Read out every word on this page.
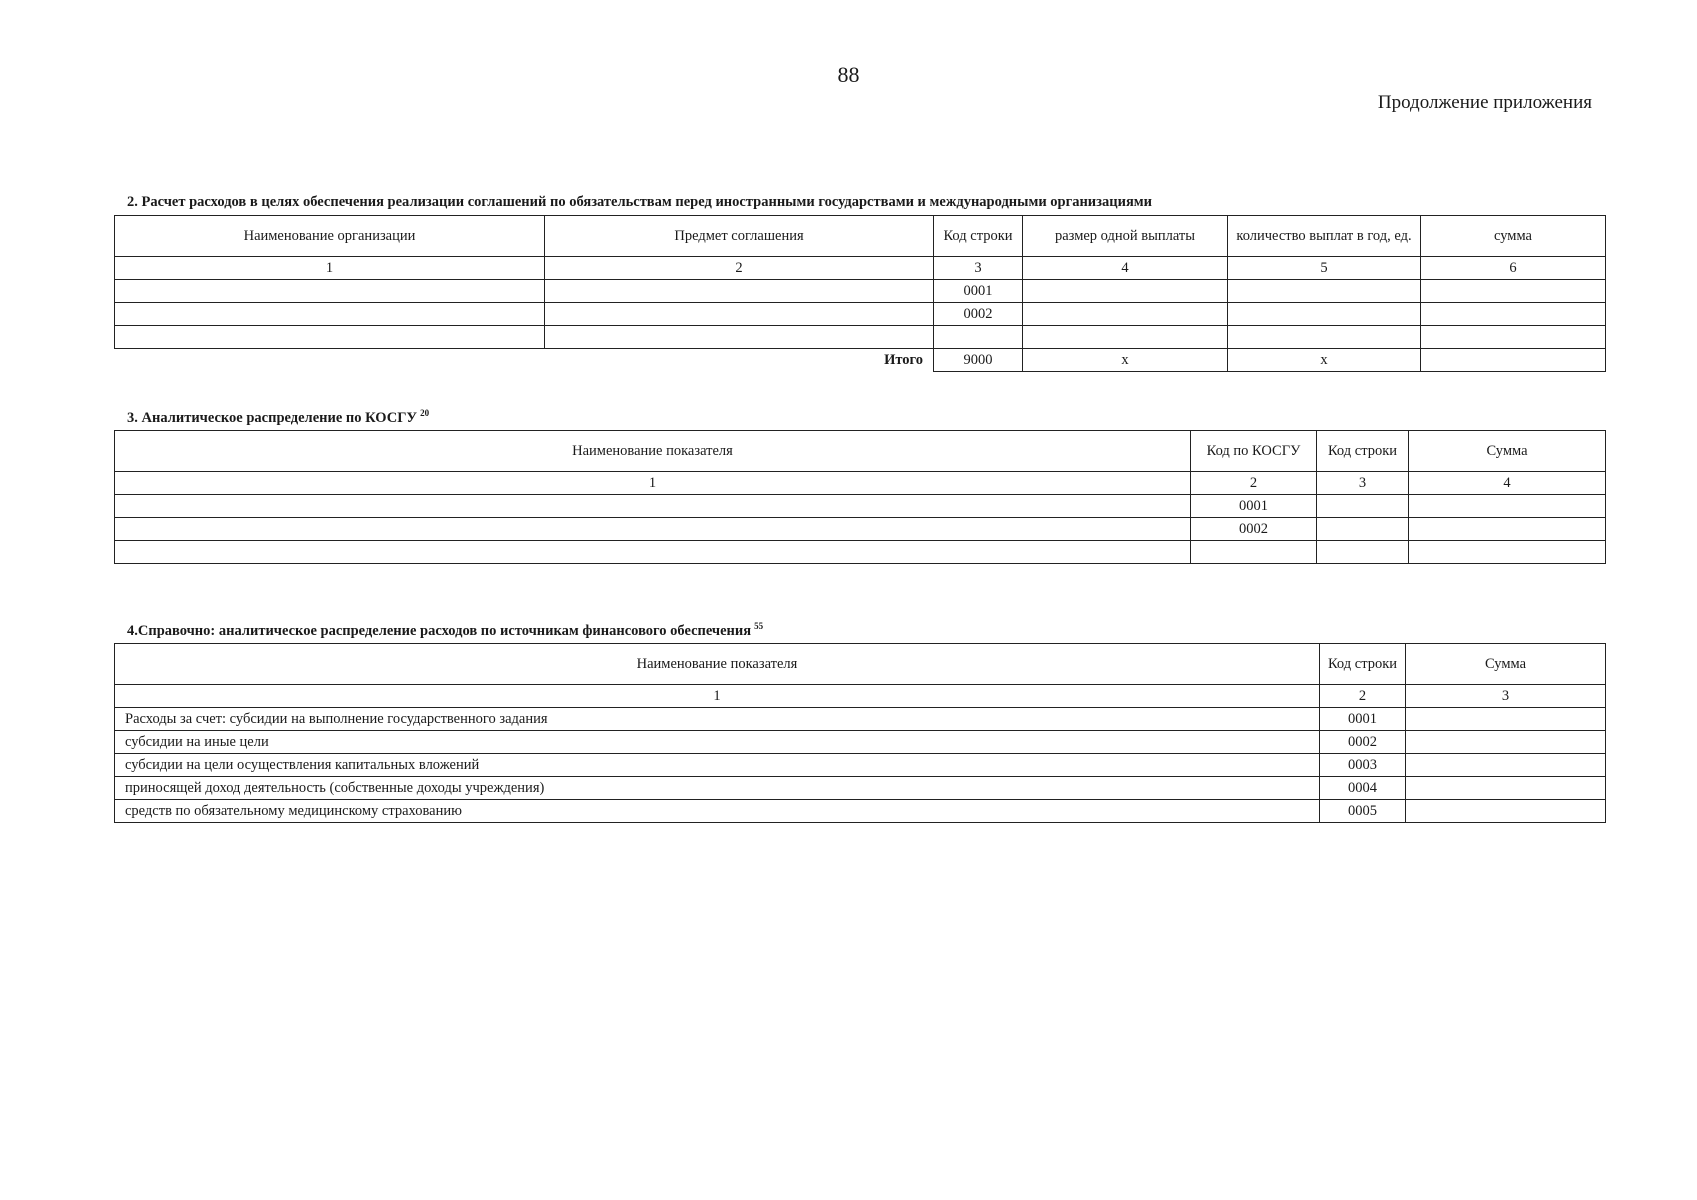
88
Продолжение приложения
2. Расчет расходов в целях обеспечения реализации соглашений по обязательствам перед иностранными государствами и международными организациями
Наименование организации	Предмет соглашения	Код строки	размер одной выплаты	количество выплат в год, ед.	сумма
1	2	3	4	5	6
		0001			
		0002			

Итого		9000	х	х	
3. Аналитическое распределение по КОСГУ $^{20}$
Наименование показателя	Код по КОСГУ	Код строки	Сумма
1	2	3	4
	0001		
	0002		

4.Справочно: аналитическое распределение расходов по источникам финансового обеспечения $^{55}$
Наименование показателя	Код строки	Сумма
1	2	3
Расходы за счет: субсидии на выполнение государственного задания	0001	
субсидии на иные цели	0002	
субсидии на цели осуществления капитальных вложений	0003	
приносящей доход деятельность (собственные доходы учреждения)	0004	
средств по обязательному медицинскому страхованию	0005	
